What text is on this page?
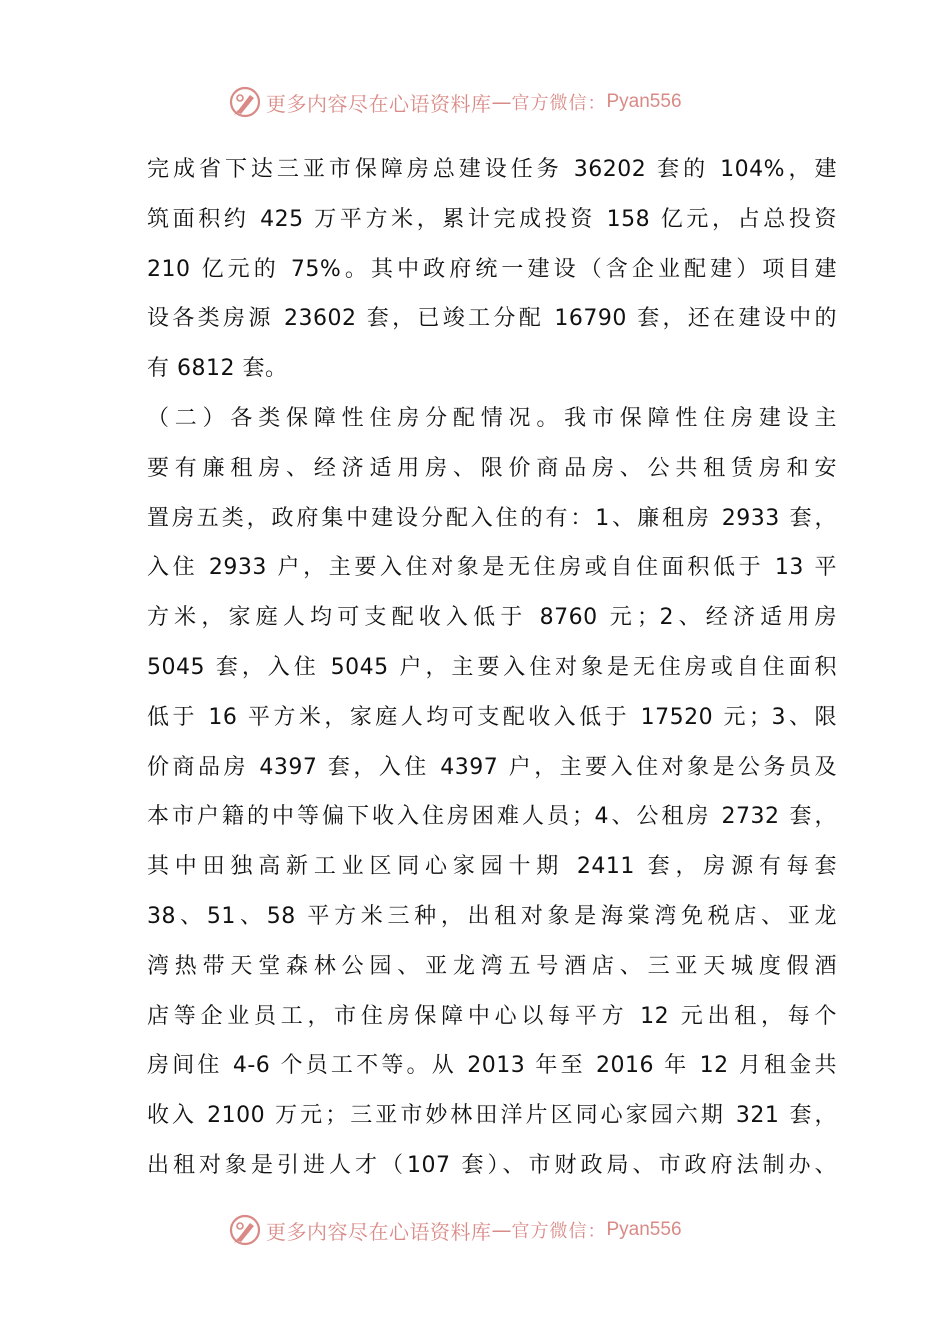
更多内容尽在心语资料库 — 官方微信： Pyan556
完成省下达三亚市保障房总建设任务 36202 套的 104%，建
筑面积约 425 万平方米，累计完成投资 158 亿元，占总投资
210 亿元的 75%。其中政府统一建设（含企业配建）项目建
设各类房源 23602 套，已竣工分配 16790 套，还在建设中的
有 6812 套。
（二）各类保障性住房分配情况。我市保障性住房建设主
要有廉租房、经济适用房、限价商品房、公共租赁房和安
置房五类，政府集中建设分配入住的有：1、廉租房 2933 套，
入住 2933 户，主要入住对象是无住房或自住面积低于 13 平
方米，家庭人均可支配收入低于 8760 元；2、经济适用房
5045 套，入住 5045 户，主要入住对象是无住房或自住面积
低于 16 平方米，家庭人均可支配收入低于 17520 元；3、限
价商品房 4397 套，入住 4397 户，主要入住对象是公务员及
本市户籍的中等偏下收入住房困难人员；4、公租房 2732 套，
其中田独高新工业区同心家园十期 2411 套，房源有每套
38、51、58 平方米三种，出租对象是海棠湾免税店、亚龙
湾热带天堂森林公园、亚龙湾五号酒店、三亚天城度假酒
店等企业员工，市住房保障中心以每平方 12 元出租，每个
房间住 4-6 个员工不等。从 2013 年至 2016 年 12 月租金共
收入 2100 万元；三亚市妙林田洋片区同心家园六期 321 套，
出租对象是引进人才（107 套）、市财政局、市政府法制办、
更多内容尽在心语资料库 — 官方微信： Pyan556
